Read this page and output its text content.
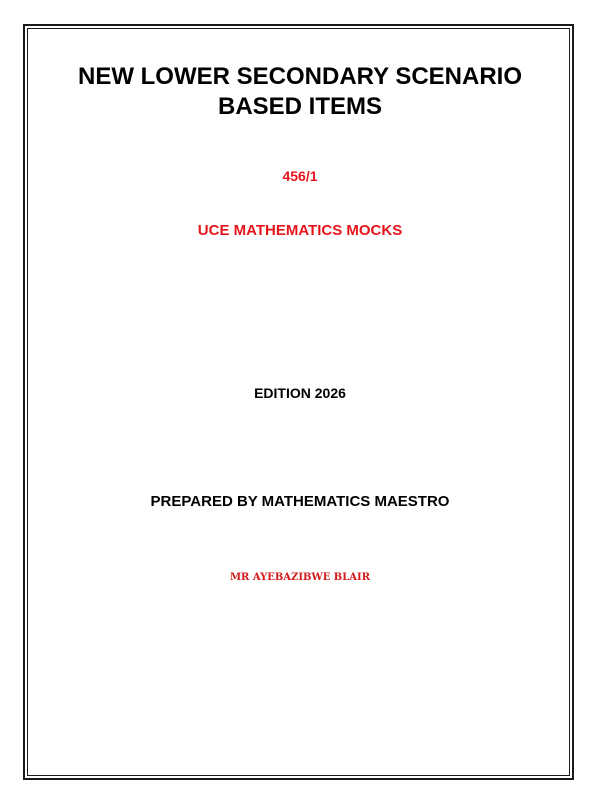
NEW LOWER SECONDARY SCENARIO
BASED ITEMS
456/1
UCE MATHEMATICS MOCKS
EDITION 2026
PREPARED BY MATHEMATICS MAESTRO
MR AYEBAZIBWE BLAIR
